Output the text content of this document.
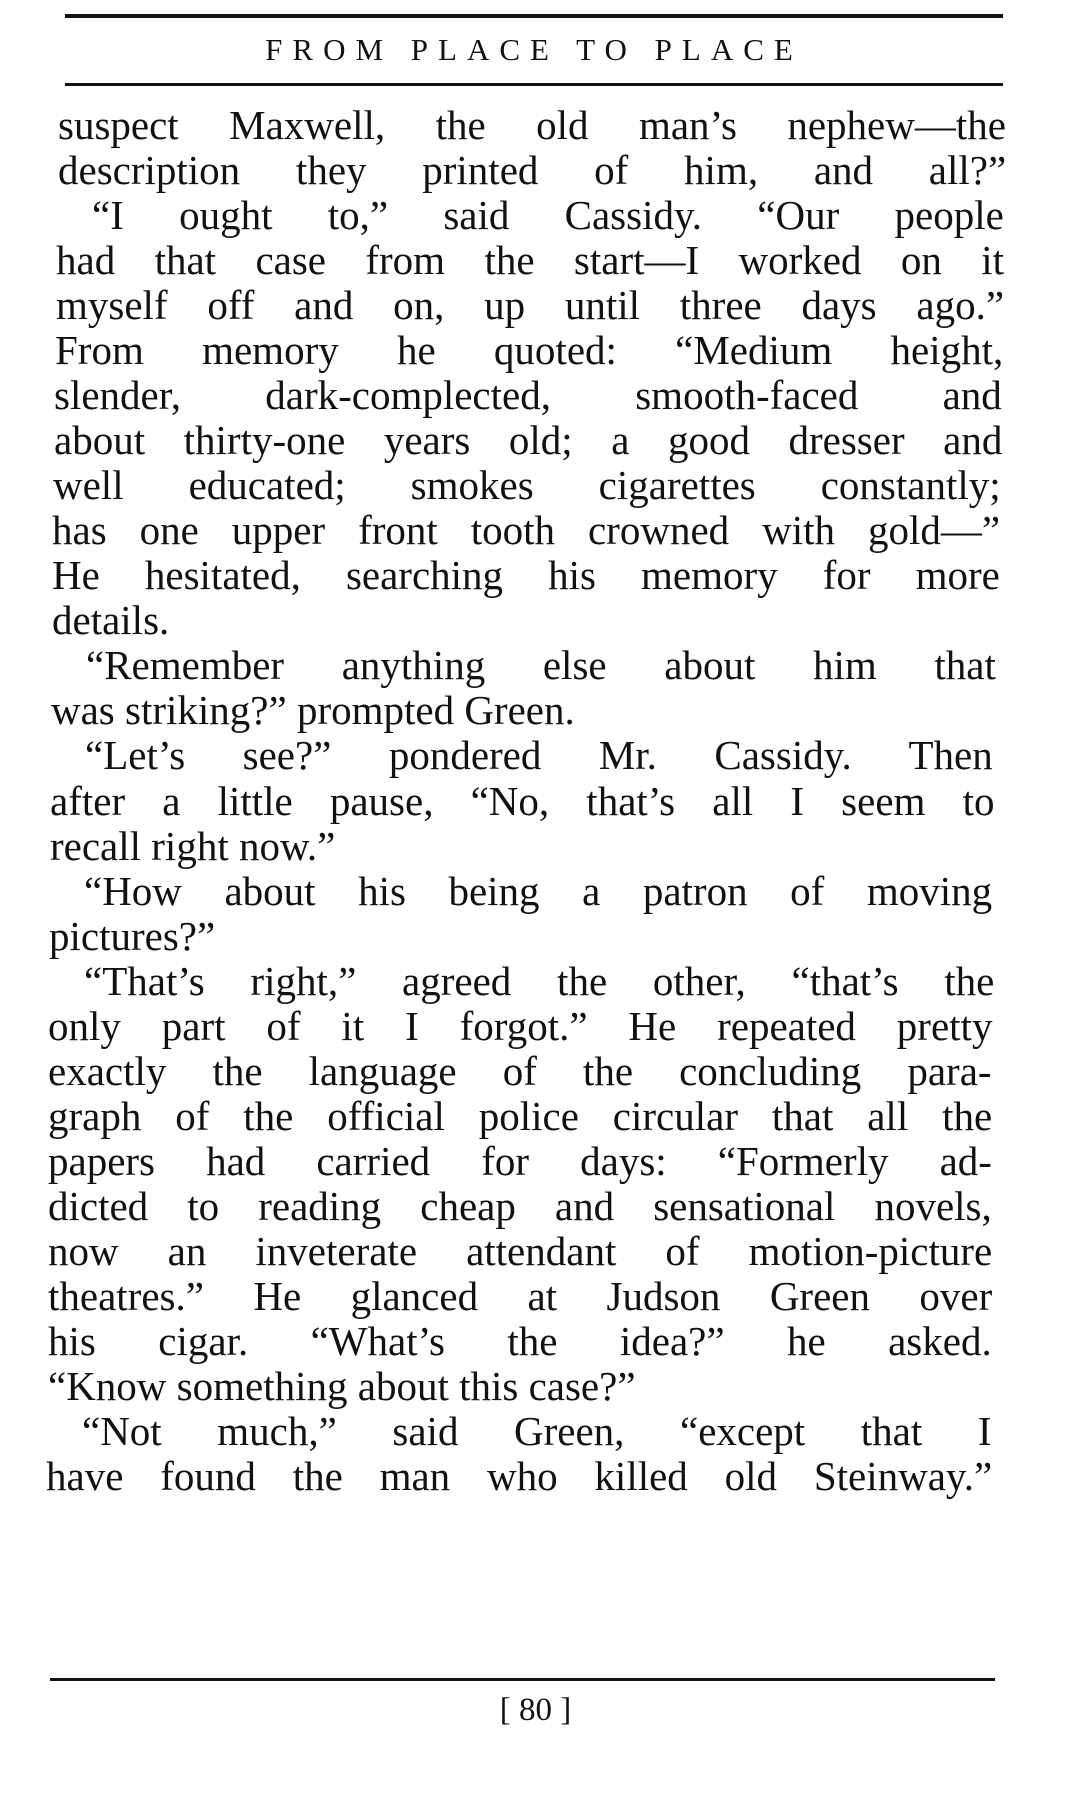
FROM PLACE TO PLACE
suspect Maxwell, the old man’s nephew—the
description they printed of him, and all?”
“I ought to,” said Cassidy. “Our people
had that case from the start—I worked on it
myself off and on, up until three days ago.”
From memory he quoted: “Medium height,
slender, dark-complected, smooth-faced and
about thirty-one years old; a good dresser and
well educated; smokes cigarettes constantly;
has one upper front tooth crowned with gold—”
He hesitated, searching his memory for more
details.
“Remember anything else about him that
was striking?” prompted Green.
“Let’s see?” pondered Mr. Cassidy. Then
after a little pause, “No, that’s all I seem to
recall right now.”
“How about his being a patron of moving
pictures?”
“That’s right,” agreed the other, “that’s the
only part of it I forgot.” He repeated pretty
exactly the language of the concluding para-
graph of the official police circular that all the
papers had carried for days: “Formerly ad-
dicted to reading cheap and sensational novels,
now an inveterate attendant of motion-picture
theatres.” He glanced at Judson Green over
his cigar. “What’s the idea?” he asked.
“Know something about this case?”
“Not much,” said Green, “except that I
have found the man who killed old Steinway.”
[ 80 ]
